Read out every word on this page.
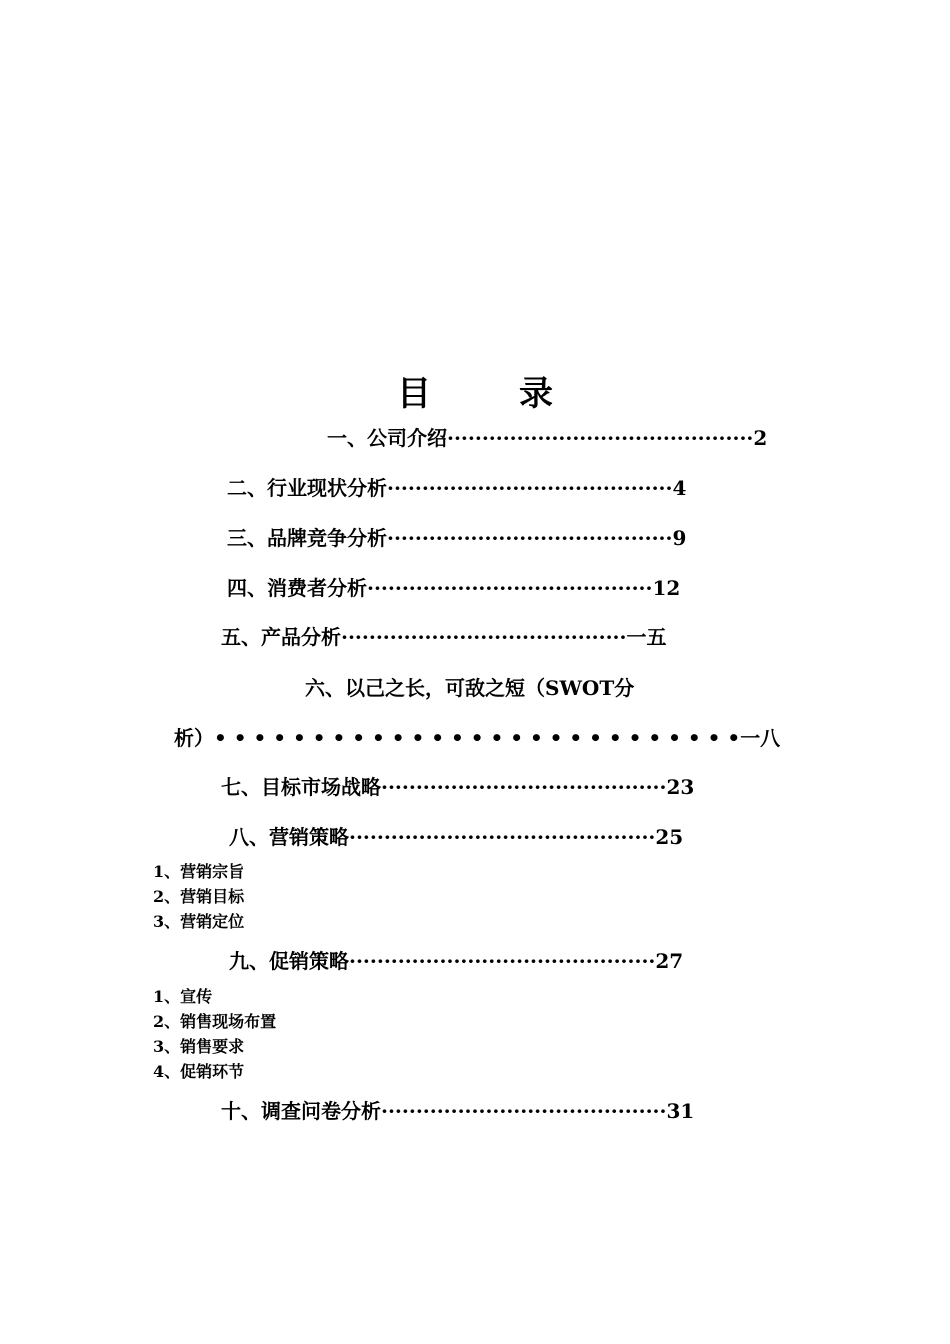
目	录
一、公司介绍············································2
二、行业现状分析·········································4
三、品牌竞争分析·········································9
四、消费者分析·········································12
五、产品分析·········································一五
六、以己之长，可敌之短（SWOT分
析）• • • • • • • • • • • • • • • • • • • • • • • • • • •一八
七、目标市场战略·········································23
八、营销策略············································25
1、营销宗旨
2、营销目标
3、营销定位
九、促销策略············································27
1、宣传
2、销售现场布置
3、销售要求
4、促销环节
十、调查问卷分析·········································31
